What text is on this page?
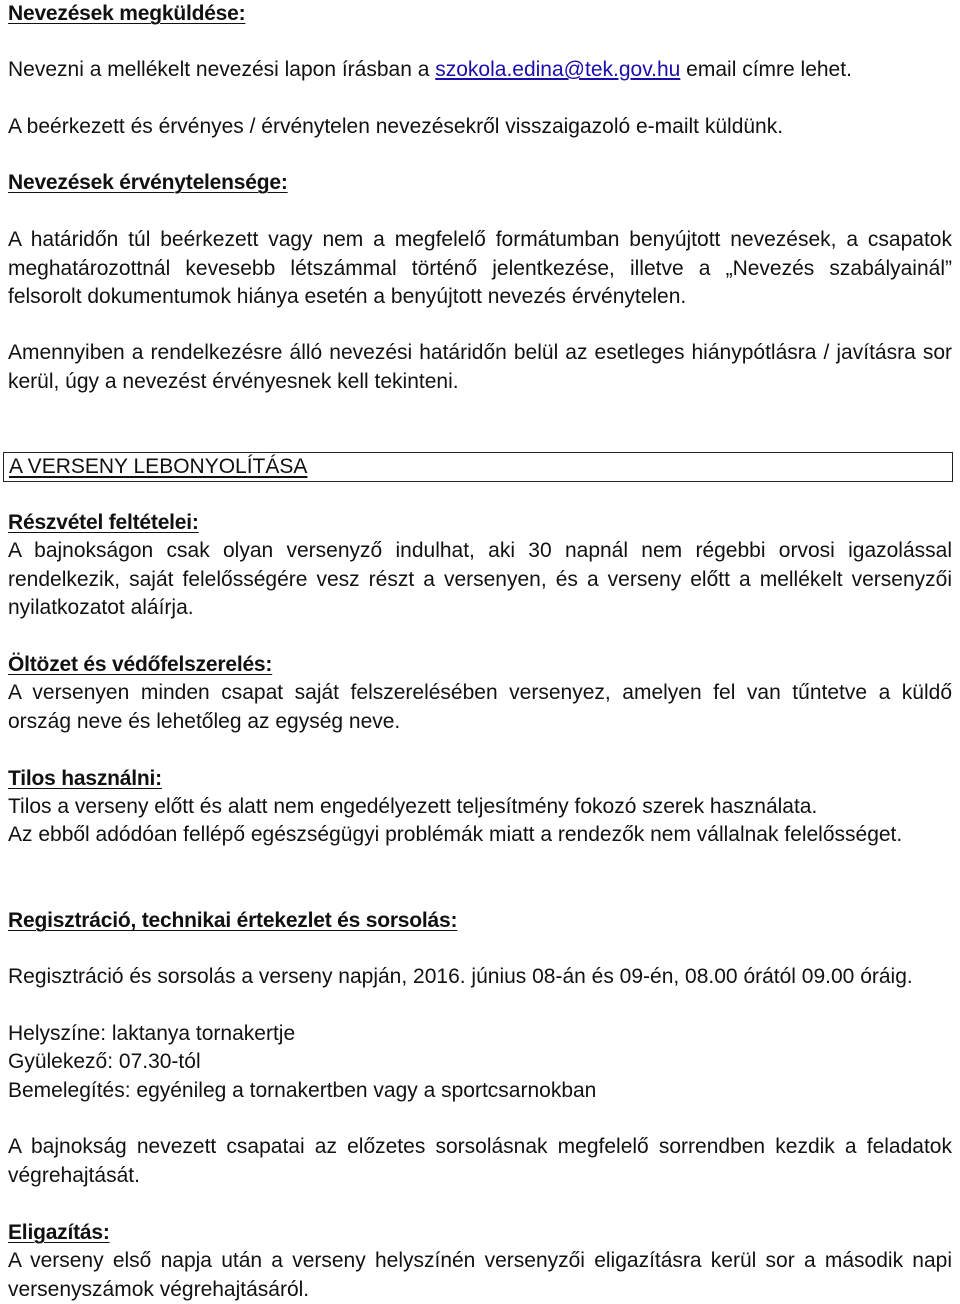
Nevezések megküldése:

Nevezni a mellékelt nevezési lapon írásban a szokola.edina@tek.gov.hu email címre lehet.

A beérkezett és érvényes / érvénytelen nevezésekről visszaigazoló e-mailt küldünk.

Nevezések érvénytelensége:

A határidőn túl beérkezett vagy nem a megfelelő formátumban benyújtott nevezések, a csapatok meghatározottnál kevesebb létszámmal történő jelentkezése, illetve a „Nevezés szabályainál” felsorolt dokumentumok hiánya esetén a benyújtott nevezés érvénytelen.

Amennyiben a rendelkezésre álló nevezési határidőn belül az esetleges hiánypótlásra / javításra sor kerül, úgy a nevezést érvényesnek kell tekinteni.

A VERSENY LEBONYOLÍTÁSA
Részvétel feltételei:

A bajnokságon csak olyan versenyző indulhat, aki 30 napnál nem régebbi orvosi igazolással rendelkezik, saját felelősségére vesz részt a versenyen, és a verseny előtt a mellékelt versenyzői nyilatkozatot aláírja.

Öltözet és védőfelszerelés:

A versenyen minden csapat saját felszerelésében versenyez, amelyen fel van tűntetve a küldő ország neve és lehetőleg az egység neve.

Tilos használni:

Tilos a verseny előtt és alatt nem engedélyezett teljesítmény fokozó szerek használata.

Az ebből adódóan fellépő egészségügyi problémák miatt a rendezők nem vállalnak felelősséget.

Regisztráció, technikai értekezlet és sorsolás:

Regisztráció és sorsolás a verseny napján, 2016. június 08-án és 09-én, 08.00 órától 09.00 óráig.

Helyszíne: laktanya tornakertje

Gyülekező: 07.30-tól

Bemelegítés: egyénileg a tornakertben vagy a sportcsarnokban

A bajnokság nevezett csapatai az előzetes sorsolásnak megfelelő sorrendben kezdik a feladatok végrehajtását.

Eligazítás:

A verseny első napja után a verseny helyszínén versenyzői eligazításra kerül sor a második napi versenyszámok végrehajtásáról.
